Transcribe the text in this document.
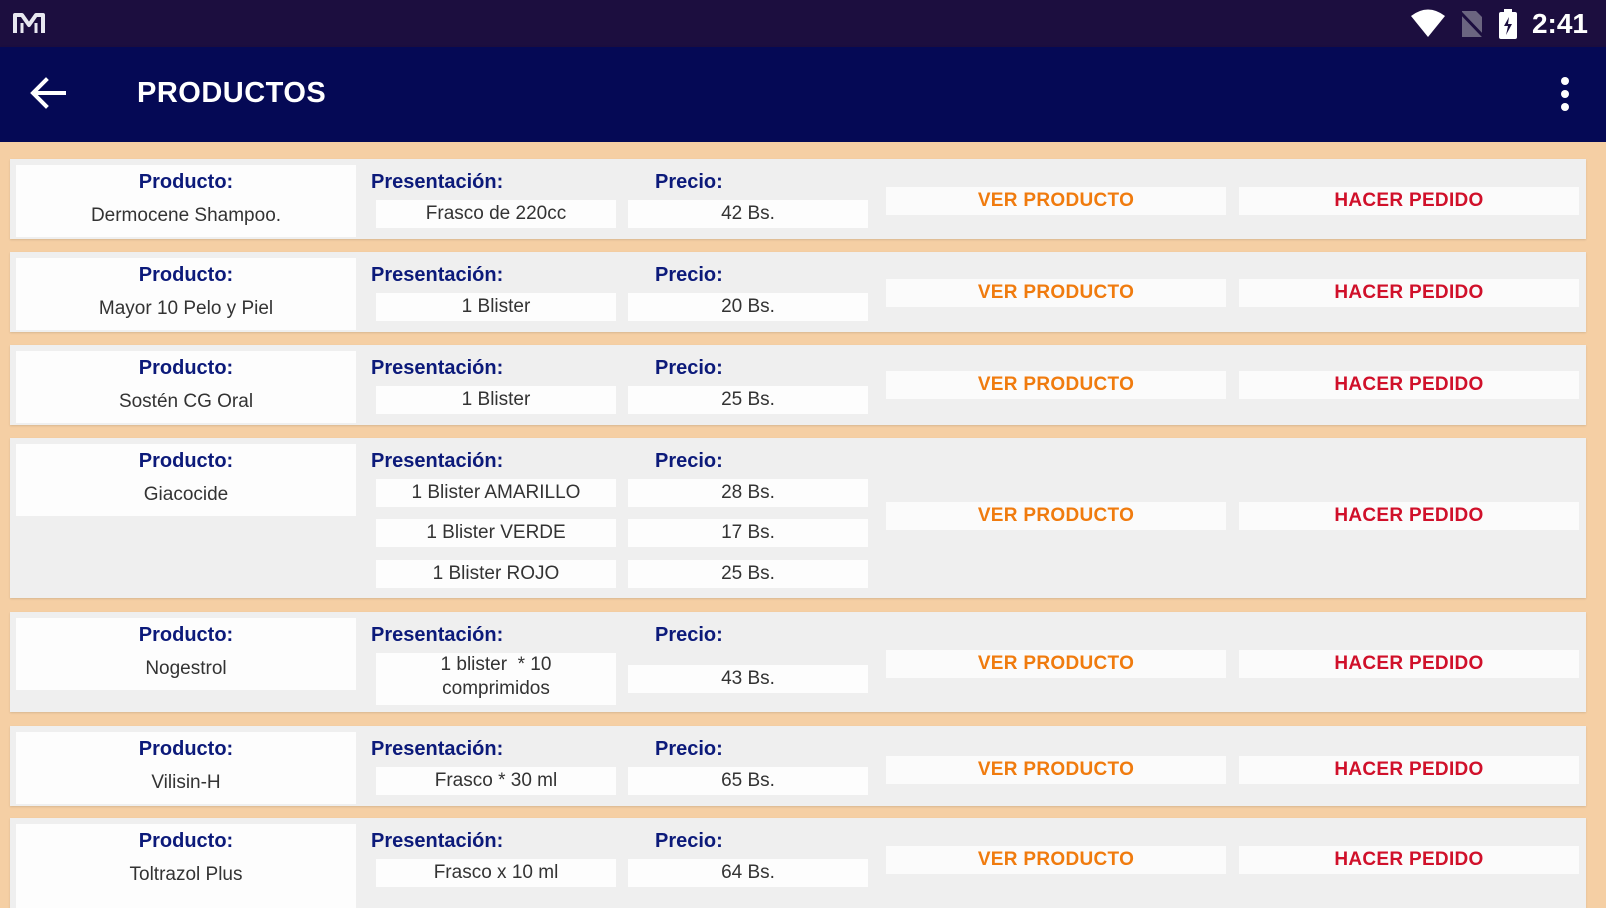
2:41
PRODUCTOS
Producto:
Dermocene Shampoo.
Presentación:	Precio:
Frasco de 220cc	42 Bs.
VER PRODUCTO	HACER PEDIDO
Producto:
Mayor 10 Pelo y Piel
Presentación:	Precio:
1 Blister	20 Bs.
VER PRODUCTO	HACER PEDIDO
Producto:
Sostén CG Oral
Presentación:	Precio:
1 Blister	25 Bs.
VER PRODUCTO	HACER PEDIDO
Producto:
Giacocide
Presentación:	Precio:
1 Blister AMARILLO	28 Bs.
1 Blister VERDE	17 Bs.
1 Blister ROJO	25 Bs.
VER PRODUCTO	HACER PEDIDO
Producto:
Nogestrol
Presentación:	Precio:
1 blister  * 10 comprimidos	43 Bs.
VER PRODUCTO	HACER PEDIDO
Producto:
Vilisin-H
Presentación:	Precio:
Frasco * 30 ml	65 Bs.
VER PRODUCTO	HACER PEDIDO
Producto:
Toltrazol Plus
Presentación:	Precio:
Frasco x 10 ml	64 Bs.
VER PRODUCTO	HACER PEDIDO
